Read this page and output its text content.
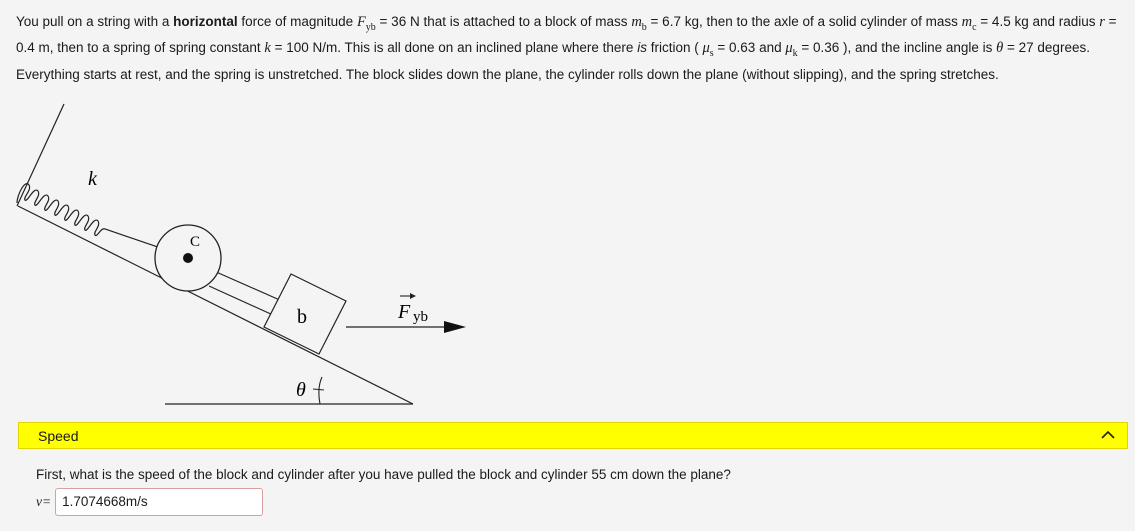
You pull on a string with a horizontal force of magnitude $F_{yb} = 36$ N that is attached to a block of mass $m_b = 6.7$ kg, then to the axle of a solid cylinder of mass $m_c = 4.5$ kg and radius r = 0.4 m, then to a spring of spring constant k = 100 N/m. This is all done on an inclined plane where there is friction ( $\mu_s = 0.63$ and $\mu_k = 0.36$ ), and the incline angle is θ = 27 degrees. Everything starts at rest, and the spring is unstretched. The block slides down the plane, the cylinder rolls down the plane (without slipping), and the spring stretches.
k
C
b	F yb
θ
Speed
First, what is the speed of the block and cylinder after you have pulled the block and cylinder 55 cm down the plane?
v= 1.7074668m/s
